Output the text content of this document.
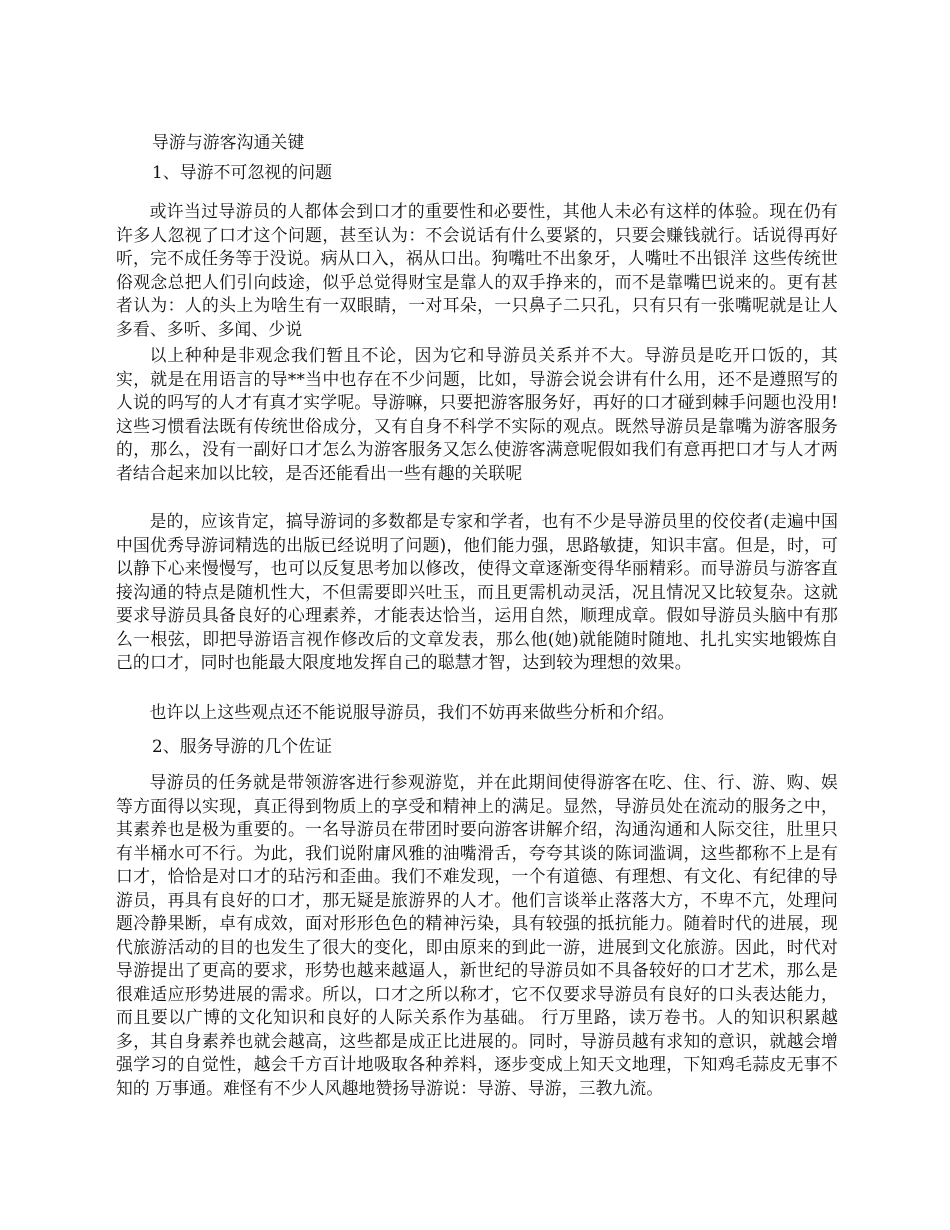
导游与游客沟通关键
1、导游不可忽视的问题

或许当过导游员的人都体会到口才的重要性和必要性，其他人未必有这样的体验。现在仍有许多人忽视了口才这个问题，甚至认为：不会说话有什么要紧的，只要会赚钱就行。话说得再好听，完不成任务等于没说。病从口入，祸从口出。狗嘴吐不出象牙，人嘴吐不出银洋 这些传统世俗观念总把人们引向歧途，似乎总觉得财宝是靠人的双手挣来的，而不是靠嘴巴说来的。更有甚者认为：人的头上为啥生有一双眼睛，一对耳朵，一只鼻子二只孔，只有只有一张嘴呢就是让人多看、多听、多闻、少说

以上种种是非观念我们暂且不论，因为它和导游员关系并不大。导游员是吃开口饭的，其实，就是在用语言的导**当中也存在不少问题，比如，导游会说会讲有什么用，还不是遵照写的人说的吗写的人才有真才实学呢。导游嘛，只要把游客服务好，再好的口才碰到棘手问题也没用!这些习惯看法既有传统世俗成分，又有自身不科学不实际的观点。既然导游员是靠嘴为游客服务的，那么，没有一副好口才怎么为游客服务又怎么使游客满意呢假如我们有意再把口才与人才两者结合起来加以比较，是否还能看出一些有趣的关联呢

是的，应该肯定，搞导游词的多数都是专家和学者，也有不少是导游员里的佼佼者(走遍中国中国优秀导游词精选的出版已经说明了问题)，他们能力强，思路敏捷，知识丰富。但是，时，可以静下心来慢慢写，也可以反复思考加以修改，使得文章逐渐变得华丽精彩。而导游员与游客直接沟通的特点是随机性大，不但需要即兴吐玉，而且更需机动灵活，况且情况又比较复杂。这就要求导游员具备良好的心理素养，才能表达恰当，运用自然，顺理成章。假如导游员头脑中有那么一根弦，即把导游语言视作修改后的文章发表，那么他(她)就能随时随地、扎扎实实地锻炼自己的口才，同时也能最大限度地发挥自己的聪慧才智，达到较为理想的效果。

也许以上这些观点还不能说服导游员，我们不妨再来做些分析和介绍。

2、服务导游的几个佐证

导游员的任务就是带领游客进行参观游览，并在此期间使得游客在吃、住、行、游、购、娱等方面得以实现，真正得到物质上的享受和精神上的满足。显然，导游员处在流动的服务之中，其素养也是极为重要的。一名导游员在带团时要向游客讲解介绍，沟通沟通和人际交往，肚里只有半桶水可不行。为此，我们说附庸风雅的油嘴滑舌，夸夸其谈的陈词滥调，这些都称不上是有口才，恰恰是对口才的玷污和歪曲。我们不难发现，一个有道德、有理想、有文化、有纪律的导游员，再具有良好的口才，那无疑是旅游界的人才。他们言谈举止落落大方，不卑不亢，处理问题冷静果断，卓有成效，面对形形色色的精神污染，具有较强的抵抗能力。随着时代的进展，现代旅游活动的目的也发生了很大的变化，即由原来的到此一游，进展到文化旅游。因此，时代对导游提出了更高的要求，形势也越来越逼人，新世纪的导游员如不具备较好的口才艺术，那么是很难适应形势进展的需求。所以，口才之所以称才，它不仅要求导游员有良好的口头表达能力，而且要以广博的文化知识和良好的人际关系作为基础。 行万里路，读万卷书。人的知识积累越多，其自身素养也就会越高，这些都是成正比进展的。同时，导游员越有求知的意识，就越会增强学习的自觉性，越会千方百计地吸取各种养料，逐步变成上知天文地理，下知鸡毛蒜皮无事不知的 万事通。难怪有不少人风趣地赞扬导游说：导游、导游，三教九流。
